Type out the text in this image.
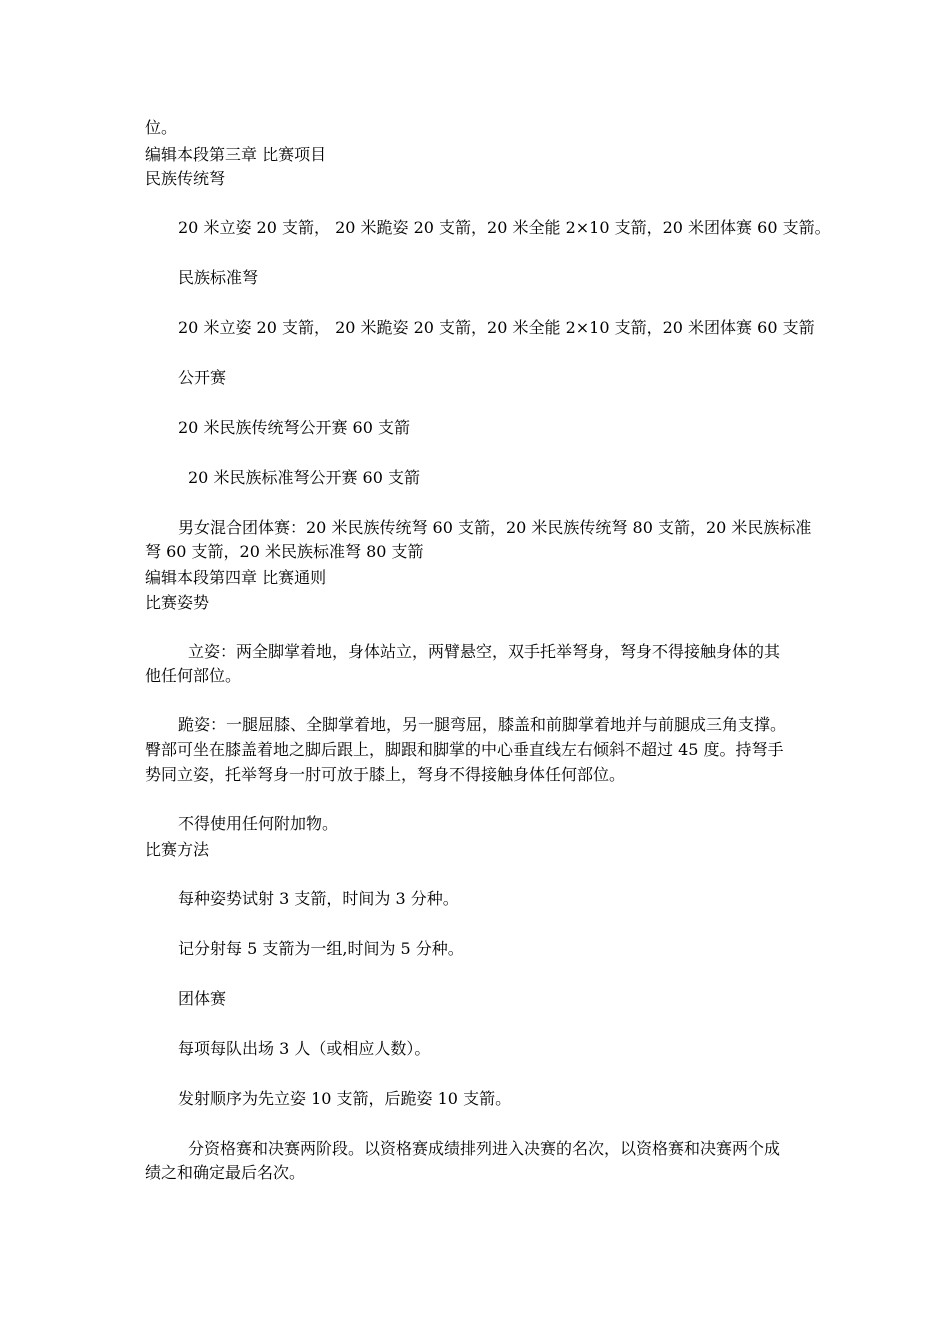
位。
编辑本段第三章 比赛项目
民族传统弩
20 米立姿 20 支箭， 20 米跪姿 20 支箭，20 米全能 2×10 支箭，20 米团体赛 60 支箭。
民族标准弩
20 米立姿 20 支箭， 20 米跪姿 20 支箭，20 米全能 2×10 支箭，20 米团体赛 60 支箭
公开赛
20 米民族传统弩公开赛 60 支箭
20 米民族标准弩公开赛 60 支箭
男女混合团体赛：20 米民族传统弩 60 支箭，20 米民族传统弩 80 支箭，20 米民族标准
弩 60 支箭，20 米民族标准弩 80 支箭
编辑本段第四章 比赛通则
比赛姿势
立姿：两全脚掌着地，身体站立，两臂悬空，双手托举弩身，弩身不得接触身体的其
他任何部位。
跪姿：一腿屈膝、全脚掌着地，另一腿弯屈，膝盖和前脚掌着地并与前腿成三角支撑。
臀部可坐在膝盖着地之脚后跟上，脚跟和脚掌的中心垂直线左右倾斜不超过 45 度。持弩手
势同立姿，托举弩身一肘可放于膝上，弩身不得接触身体任何部位。
不得使用任何附加物。
比赛方法
每种姿势试射 3 支箭，时间为 3 分种。
记分射每 5 支箭为一组,时间为 5 分种。
团体赛
每项每队出场 3 人（或相应人数）。
发射顺序为先立姿 10 支箭，后跪姿 10 支箭。
分资格赛和决赛两阶段。以资格赛成绩排列进入决赛的名次，以资格赛和决赛两个成
绩之和确定最后名次。
